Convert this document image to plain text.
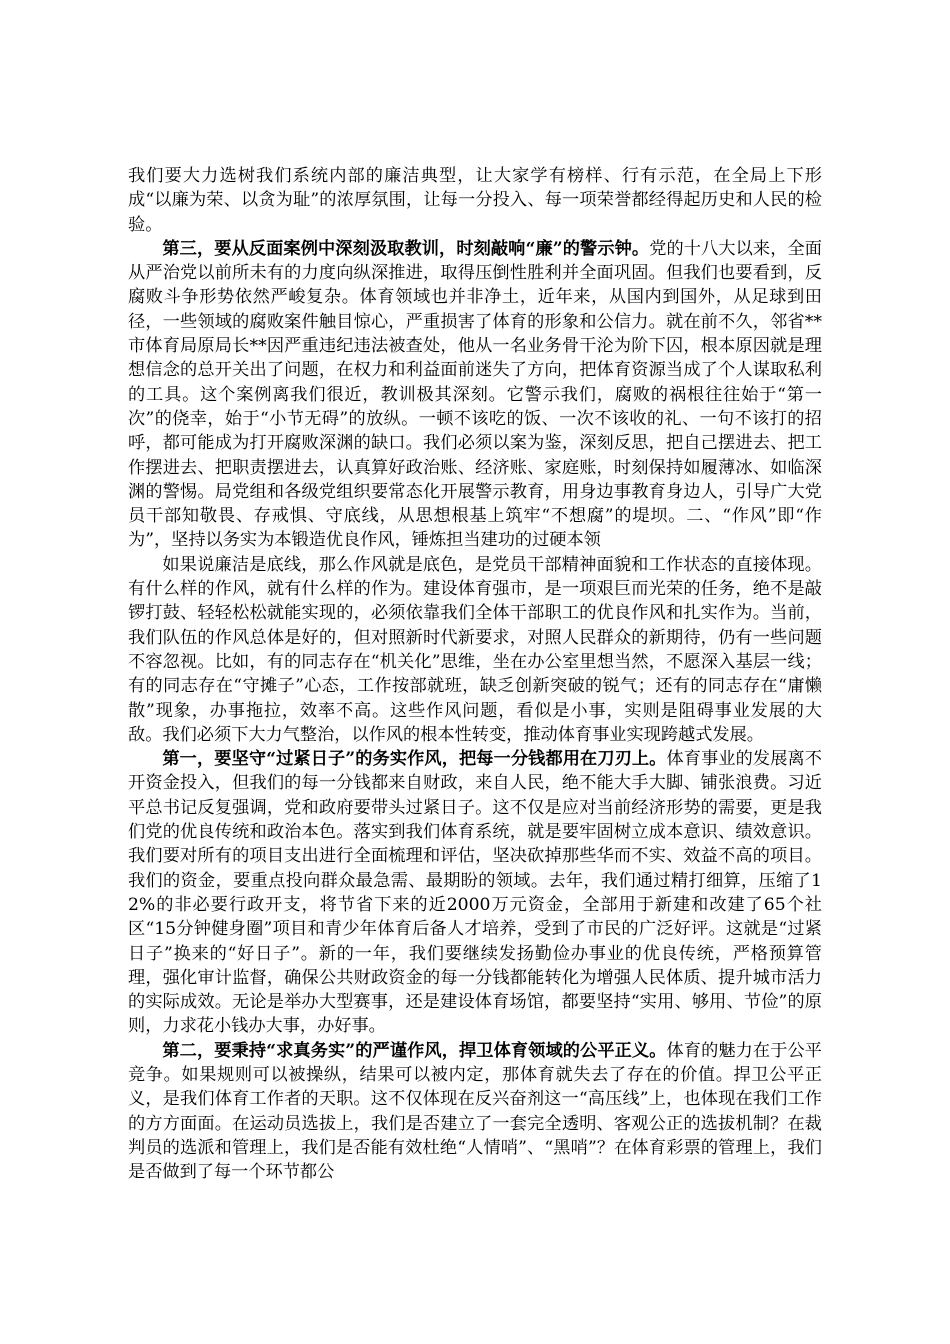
我们要大力选树我们系统内部的廉洁典型，让大家学有榜样、行有示范，在全局上下形成“以廉为荣、以贪为耻”的浓厚氛围，让每一分投入、每一项荣誉都经得起历史和人民的检验。

第三，要从反面案例中深刻汲取教训，时刻敲响“廉”的警示钟。党的十八大以来，全面从严治党以前所未有的力度向纵深推进，取得压倒性胜利并全面巩固。但我们也要看到，反腐败斗争形势依然严峻复杂。体育领域也并非净土，近年来，从国内到国外，从足球到田径，一些领域的腐败案件触目惊心，严重损害了体育的形象和公信力。就在前不久，邻省**市体育局原局长**因严重违纪违法被查处，他从一名业务骨干沦为阶下囚，根本原因就是理想信念的总开关出了问题，在权力和利益面前迷失了方向，把体育资源当成了个人谋取私利的工具。这个案例离我们很近，教训极其深刻。它警示我们，腐败的祸根往往始于“第一次”的侥幸，始于“小节无碍”的放纵。一顿不该吃的饭、一次不该收的礼、一句不该打的招呼，都可能成为打开腐败深渊的缺口。我们必须以案为鉴，深刻反思，把自己摆进去、把工作摆进去、把职责摆进去，认真算好政治账、经济账、家庭账，时刻保持如履薄冰、如临深渊的警惕。局党组和各级党组织要常态化开展警示教育，用身边事教育身边人，引导广大党员干部知敬畏、存戒惧、守底线，从思想根基上筑牢“不想腐”的堤坝。二、“作风”即“作为”，坚持以务实为本锻造优良作风，锤炼担当建功的过硬本领

如果说廉洁是底线，那么作风就是底色，是党员干部精神面貌和工作状态的直接体现。有什么样的作风，就有什么样的作为。建设体育强市，是一项艰巨而光荣的任务，绝不是敲锣打鼓、轻轻松松就能实现的，必须依靠我们全体干部职工的优良作风和扎实作为。当前，我们队伍的作风总体是好的，但对照新时代新要求，对照人民群众的新期待，仍有一些问题不容忽视。比如，有的同志存在“机关化”思维，坐在办公室里想当然，不愿深入基层一线；有的同志存在“守摊子”心态，工作按部就班，缺乏创新突破的锐气；还有的同志存在“庸懒散”现象，办事拖拉，效率不高。这些作风问题，看似是小事，实则是阻碍事业发展的大敌。我们必须下大力气整治，以作风的根本性转变，推动体育事业实现跨越式发展。

第一，要坚守“过紧日子”的务实作风，把每一分钱都用在刀刃上。体育事业的发展离不开资金投入，但我们的每一分钱都来自财政，来自人民，绝不能大手大脚、铺张浪费。习近平总书记反复强调，党和政府要带头过紧日子。这不仅是应对当前经济形势的需要，更是我们党的优良传统和政治本色。落实到我们体育系统，就是要牢固树立成本意识、绩效意识。我们要对所有的项目支出进行全面梳理和评估，坚决砍掉那些华而不实、效益不高的项目。我们的资金，要重点投向群众最急需、最期盼的领域。去年，我们通过精打细算，压缩了12%的非必要行政开支，将节省下来的近2000万元资金，全部用于新建和改建了65个社区“15分钟健身圈”项目和青少年体育后备人才培养，受到了市民的广泛好评。这就是“过紧日子”换来的“好日子”。新的一年，我们要继续发扬勤俭办事业的优良传统，严格预算管理，强化审计监督，确保公共财政资金的每一分钱都能转化为增强人民体质、提升城市活力的实际成效。无论是举办大型赛事，还是建设体育场馆，都要坚持“实用、够用、节俭”的原则，力求花小钱办大事，办好事。

第二，要秉持“求真务实”的严谨作风，捍卫体育领域的公平正义。体育的魅力在于公平竞争。如果规则可以被操纵，结果可以被内定，那体育就失去了存在的价值。捍卫公平正义，是我们体育工作者的天职。这不仅体现在反兴奋剂这一“高压线”上，也体现在我们工作的方方面面。在运动员选拔上，我们是否建立了一套完全透明、客观公正的选拔机制？在裁判员的选派和管理上，我们是否能有效杜绝“人情哨”、“黑哨”？在体育彩票的管理上，我们是否做到了每一个环节都公
